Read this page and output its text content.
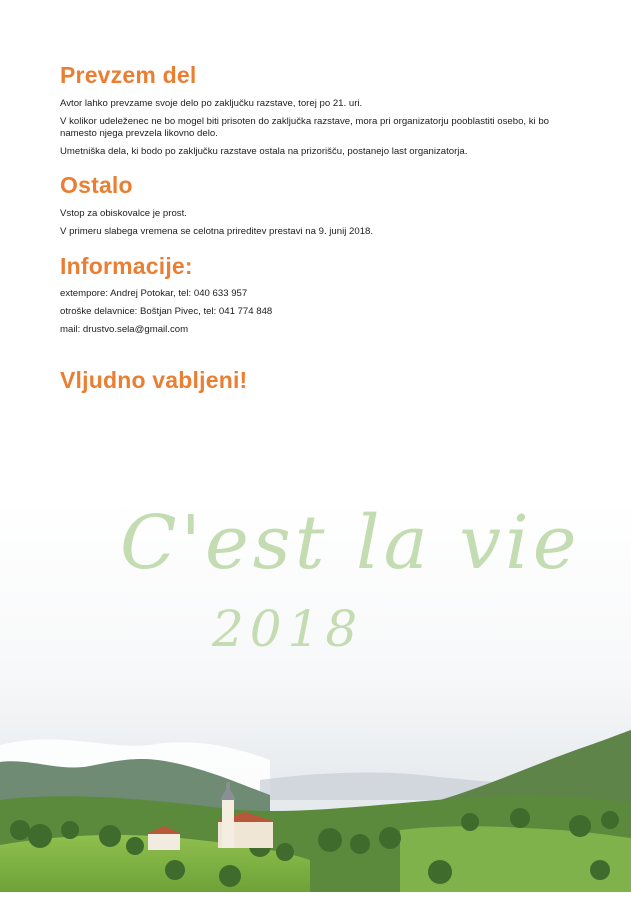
Prevzem del

Avtor lahko prevzame svoje delo po zaključku razstave, torej po 21. uri.

V kolikor udeleženec ne bo mogel biti prisoten do zaključka razstave, mora pri organizatorju pooblastiti osebo, ki bo namesto njega prevzela likovno delo.

Umetniška dela, ki bodo po zaključku razstave ostala na prizorišču, postanejo last organizatorja.

Ostalo

Vstop za obiskovalce je prost.

V primeru slabega vremena se celotna prireditev prestavi na 9. junij 2018.

Informacije:

extempore: Andrej Potokar, tel: 040 633 957

otroške delavnice: Boštjan Pivec, tel: 041 774 848

mail: drustvo.sela@gmail.com

Vljudno vabljeni!
C'est la vie
2018
